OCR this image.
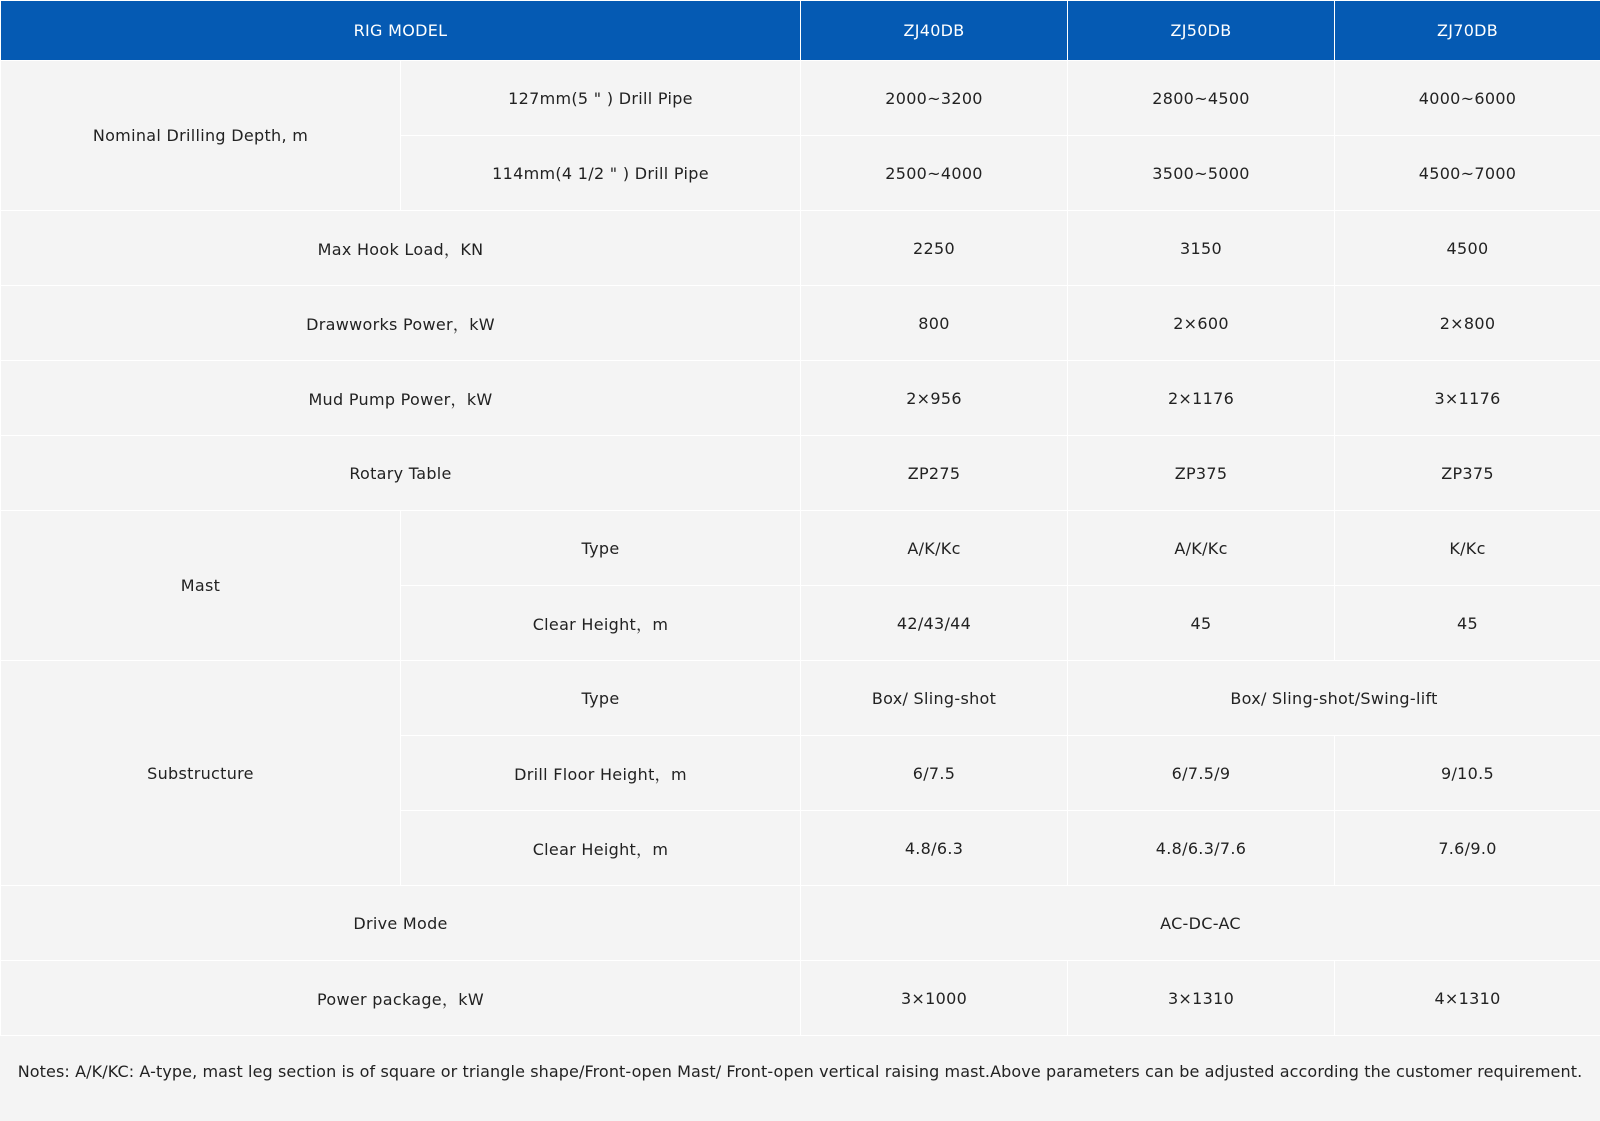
RIG MODEL		ZJ40DB	ZJ50DB	ZJ70DB
Nominal Drilling Depth, m	127mm(5 " ) Drill Pipe	2000~3200	2800~4500	4000~6000
	114mm(4 1/2 " ) Drill Pipe	2500~4000	3500~5000	4500~7000
Max Hook Load，KN		2250	3150	4500
Drawworks Power，kW		800	2×600	2×800
Mud Pump Power，kW		2×956	2×1176	3×1176
Rotary Table		ZP275	ZP375	ZP375
Mast	Type	A/K/Kc	A/K/Kc	K/Kc
	Clear Height，m	42/43/44	45	45
Substructure	Type	Box/ Sling-shot	Box/ Sling-shot/Swing-lift	
	Drill Floor Height，m	6/7.5	6/7.5/9	9/10.5
	Clear Height，m	4.8/6.3	4.8/6.3/7.6	7.6/9.0
Drive Mode		AC-DC-AC		
Power package，kW		3×1000	3×1310	4×1310
Notes: A/K/KC: A-type, mast leg section is of square or triangle shape/Front-open Mast/ Front-open vertical raising mast.Above parameters can be adjusted according the customer requirement.
